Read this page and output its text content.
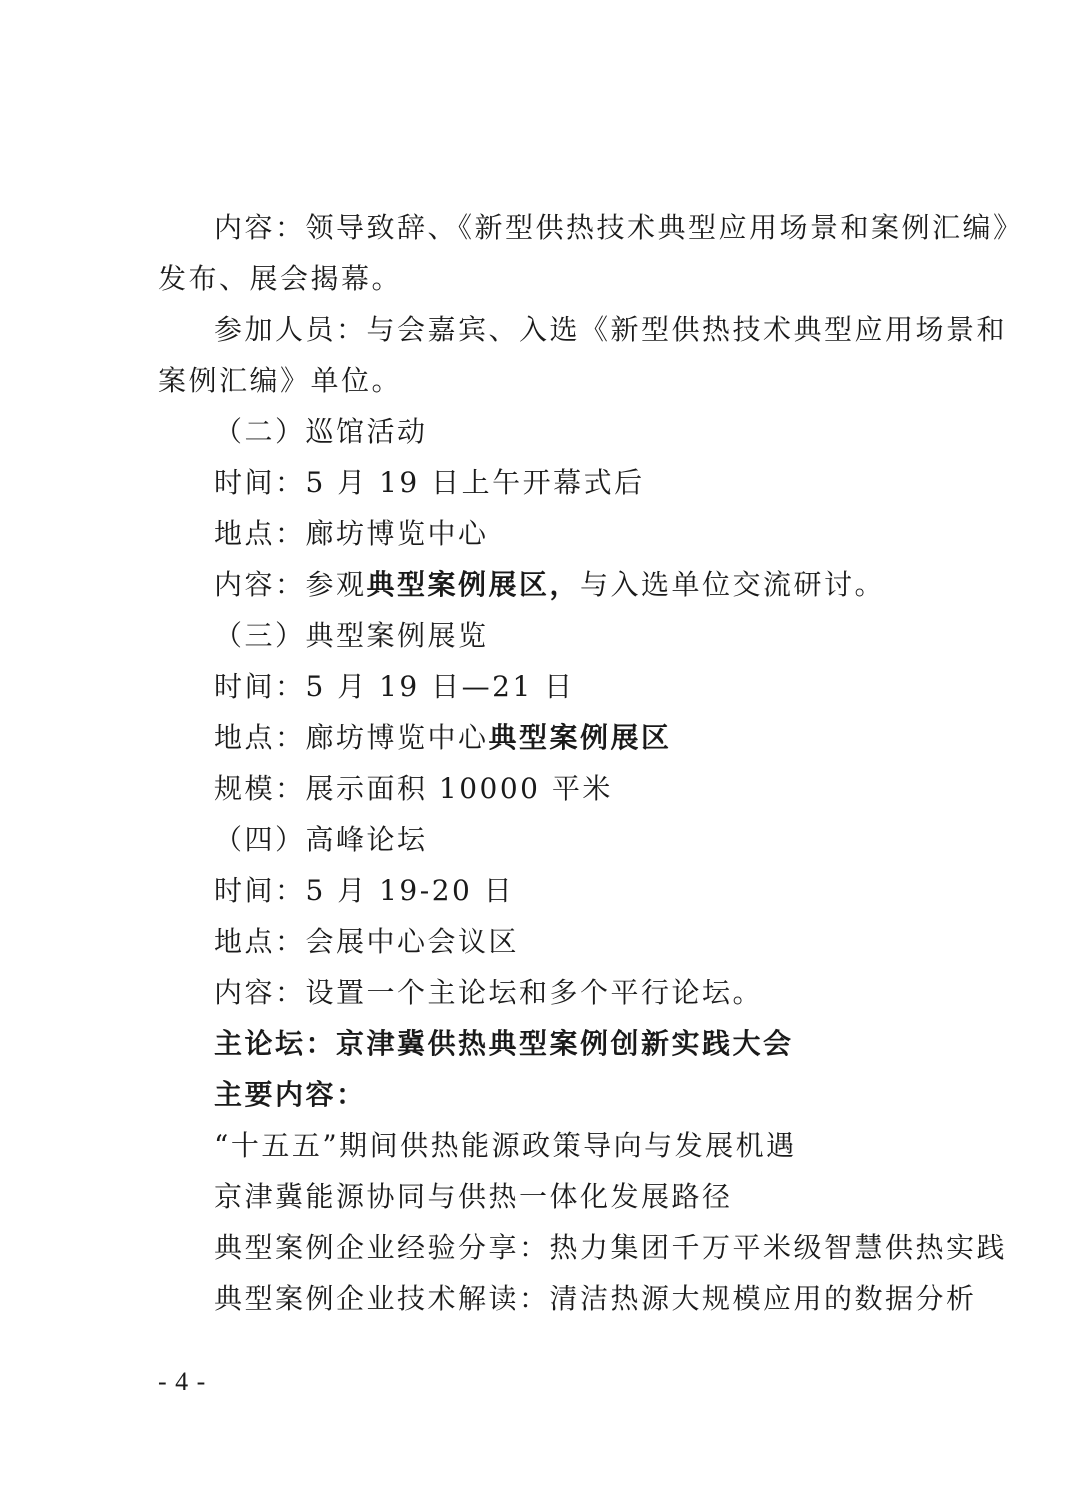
内容：领导致辞、《新型供热技术典型应用场景和案例汇编》
发布、展会揭幕。
参加人员：与会嘉宾、入选《新型供热技术典型应用场景和
案例汇编》单位。
（二）巡馆活动
时间：5 月 19 日上午开幕式后
地点：廊坊博览中心
内容：参观典型案例展区，与入选单位交流研讨。
（三）典型案例展览
时间：5 月 19 日—21 日
地点：廊坊博览中心典型案例展区
规模：展示面积 10000 平米
（四）高峰论坛
时间：5 月 19-20 日
地点：会展中心会议区
内容：设置一个主论坛和多个平行论坛。
主论坛：京津冀供热典型案例创新实践大会
主要内容：
“十五五”期间供热能源政策导向与发展机遇
京津冀能源协同与供热一体化发展路径
典型案例企业经验分享：热力集团千万平米级智慧供热实践
典型案例企业技术解读：清洁热源大规模应用的数据分析
- 4 -
